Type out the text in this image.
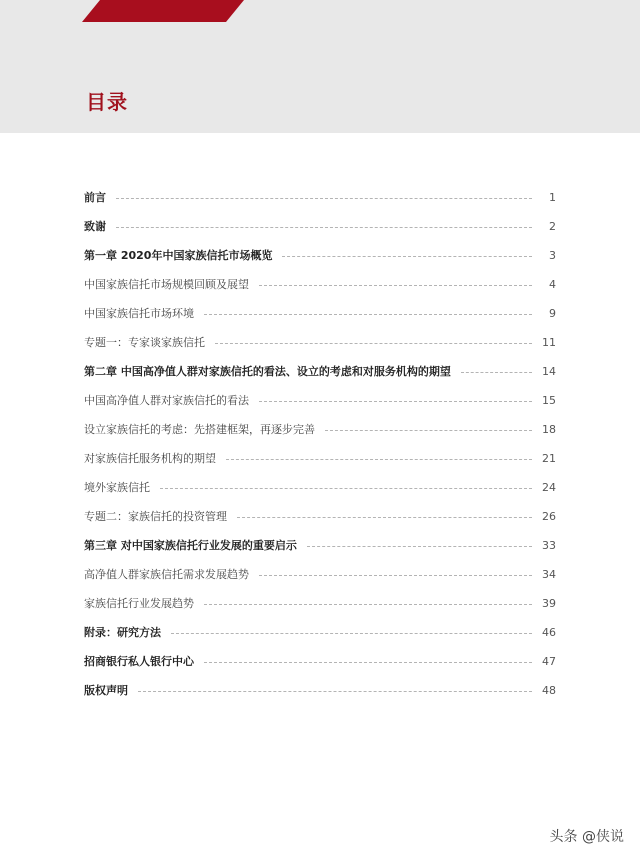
目录
前言	1
致谢	2
第一章 2020年中国家族信托市场概览	3
中国家族信托市场规模回顾及展望	4
中国家族信托市场环境	9
专题一：专家谈家族信托	11
第二章 中国高净值人群对家族信托的看法、设立的考虑和对服务机构的期望	14
中国高净值人群对家族信托的看法	15
设立家族信托的考虑：先搭建框架，再逐步完善	18
对家族信托服务机构的期望	21
境外家族信托	24
专题二：家族信托的投资管理	26
第三章 对中国家族信托行业发展的重要启示	33
高净值人群家族信托需求发展趋势	34
家族信托行业发展趋势	39
附录：研究方法	46
招商银行私人银行中心	47
版权声明	48
头条 @侠说
